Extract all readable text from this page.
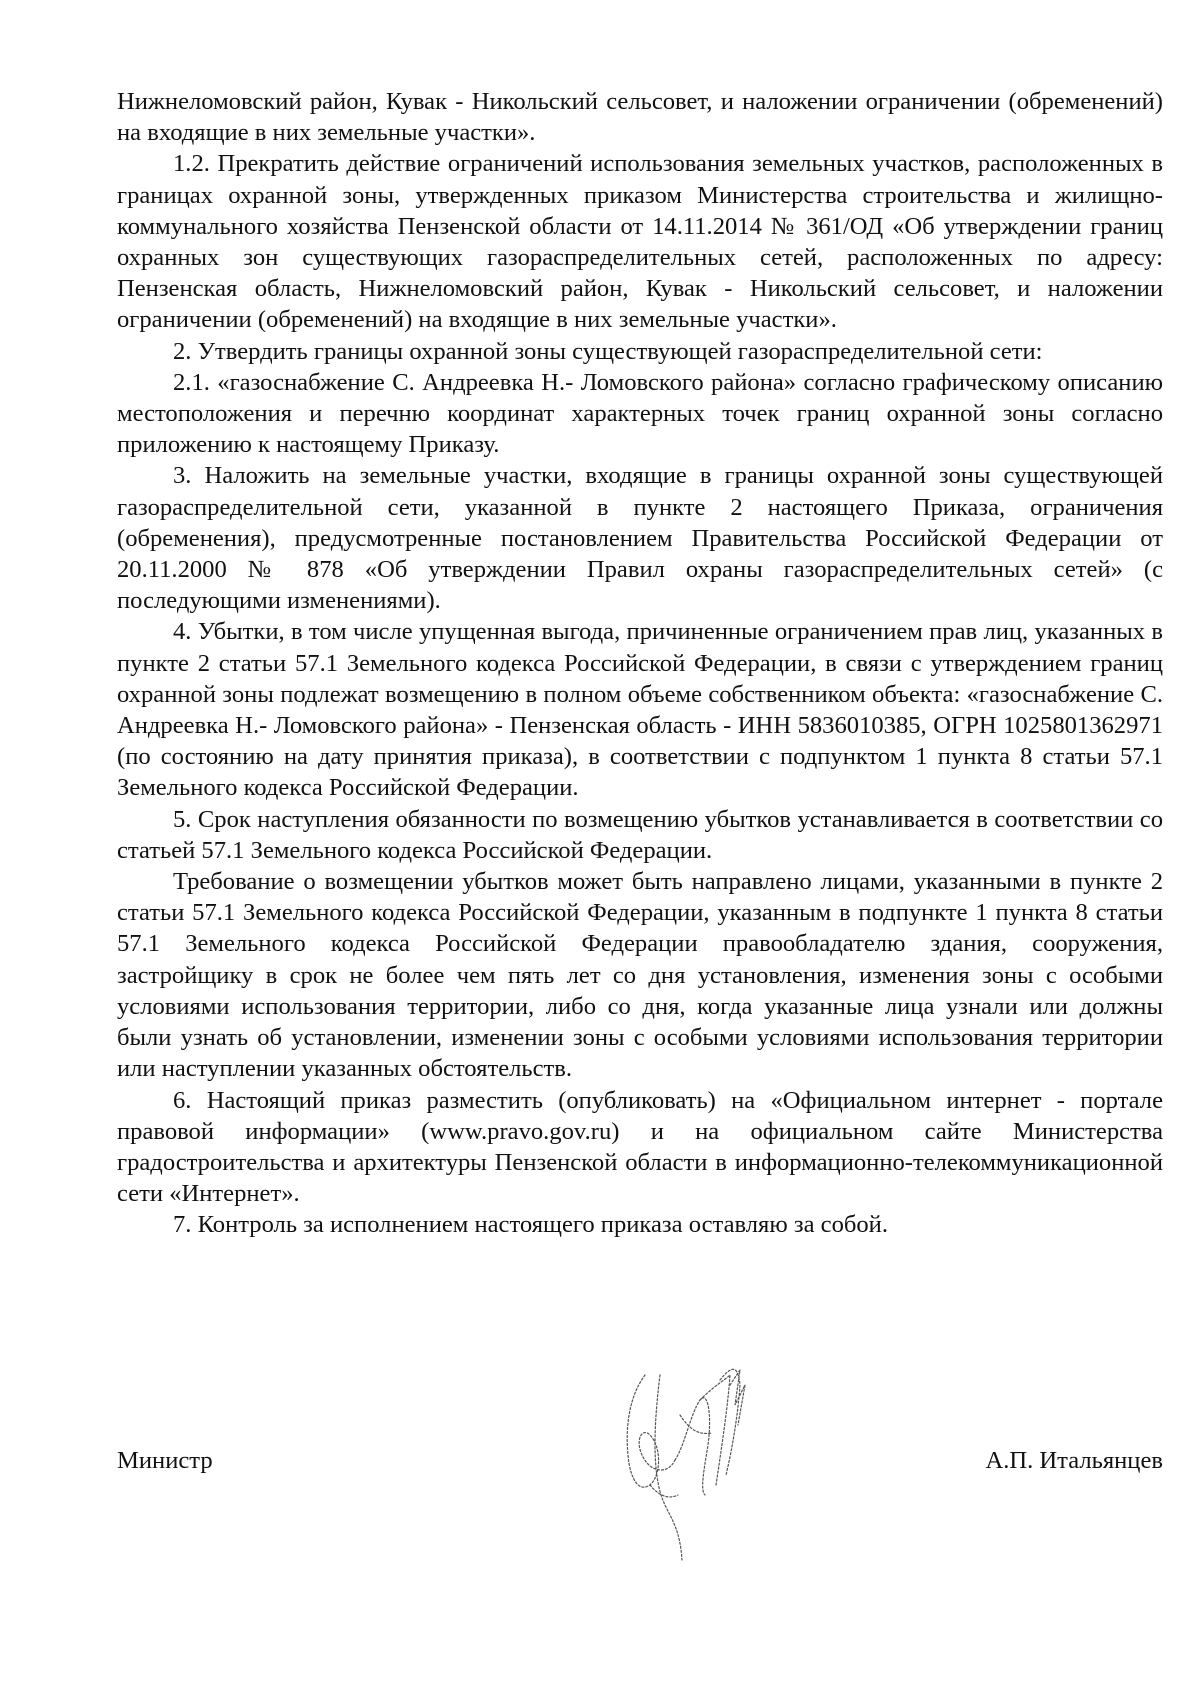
Нижнеломовский район, Кувак - Никольский сельсовет, и наложении ограничении (обременений) на входящие в них земельные участки».

1.2. Прекратить действие ограничений использования земельных участков, расположенных в границах охранной зоны, утвержденных приказом Министерства строительства и жилищно-коммунального хозяйства Пензенской области от 14.11.2014 № 361/ОД «Об утверждении границ охранных зон существующих газораспределительных сетей, расположенных по адресу: Пензенская область, Нижнеломовский район, Кувак - Никольский сельсовет, и наложении ограничении (обременений) на входящие в них земельные участки».

2. Утвердить границы охранной зоны существующей газораспределительной сети:

2.1. «газоснабжение С. Андреевка Н.- Ломовского района» согласно графическому описанию местоположения и перечню координат характерных точек границ охранной зоны согласно приложению к настоящему Приказу.

3. Наложить на земельные участки, входящие в границы охранной зоны существующей газораспределительной сети, указанной в пункте 2 настоящего Приказа, ограничения (обременения), предусмотренные постановлением Правительства Российской Федерации от 20.11.2000 № 878 «Об утверждении Правил охраны газораспределительных сетей» (с последующими изменениями).

4. Убытки, в том числе упущенная выгода, причиненные ограничением прав лиц, указанных в пункте 2 статьи 57.1 Земельного кодекса Российской Федерации, в связи с утверждением границ охранной зоны подлежат возмещению в полном объеме собственником объекта: «газоснабжение С. Андреевка Н.- Ломовского района» - Пензенская область - ИНН 5836010385, ОГРН 1025801362971 (по состоянию на дату принятия приказа), в соответствии с подпунктом 1 пункта 8 статьи 57.1 Земельного кодекса Российской Федерации.

5. Срок наступления обязанности по возмещению убытков устанавливается в соответствии со статьей 57.1 Земельного кодекса Российской Федерации.

Требование о возмещении убытков может быть направлено лицами, указанными в пункте 2 статьи 57.1 Земельного кодекса Российской Федерации, указанным в подпункте 1 пункта 8 статьи 57.1 Земельного кодекса Российской Федерации правообладателю здания, сооружения, застройщику в срок не более чем пять лет со дня установления, изменения зоны с особыми условиями использования территории, либо со дня, когда указанные лица узнали или должны были узнать об установлении, изменении зоны с особыми условиями использования территории или наступлении указанных обстоятельств.

6. Настоящий приказ разместить (опубликовать) на «Официальном интернет - портале правовой информации» (www.pravo.gov.ru) и на официальном сайте Министерства градостроительства и архитектуры Пензенской области в информационно-телекоммуникационной сети «Интернет».

7. Контроль за исполнением настоящего приказа оставляю за собой.

Министр	А.П. Итальянцев
